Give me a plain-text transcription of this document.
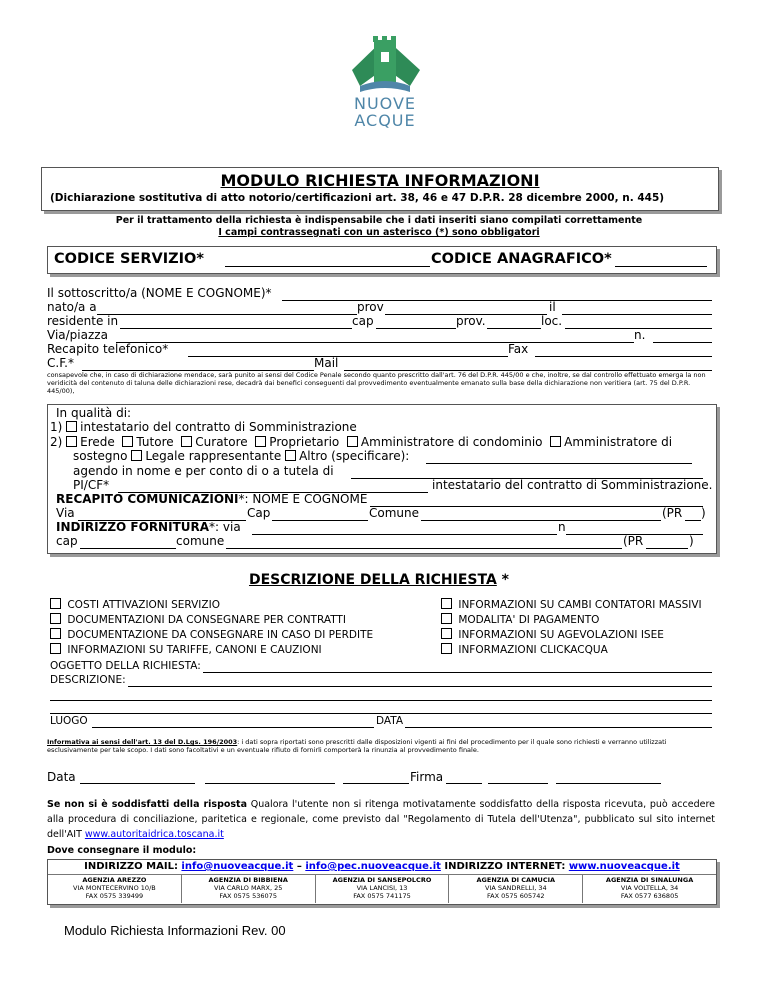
NUOVE
ACQUE
MODULO RICHIESTA INFORMAZIONI
(Dichiarazione sostitutiva di atto notorio/certificazioni art. 38, 46 e 47 D.P.R. 28 dicembre 2000, n. 445)
Per il trattamento della richiesta è indispensabile che i dati inseriti siano compilati correttamente
I campi contrassegnati con un asterisco (*) sono obbligatori
CODICE SERVIZIO*	CODICE ANAGRAFICO*
Il sottoscritto/a (NOME E COGNOME)*
nato/a a	prov	il
residente in	cap	prov.	loc.
Via/piazza	n.
Recapito telefonico*	Fax
C.F.*	Mail
consapevole che, in caso di dichiarazione mendace, sarà punito ai sensi del Codice Penale secondo quanto prescritto dall'art. 76 del D.P.R. 445/00 e che, inoltre, se dal controllo effettuato emerga la non veridicità del contenuto di taluna delle dichiarazioni rese, decadrà dai benefici conseguenti dal provvedimento eventualmente emanato sulla base della dichiarazione non veritiera (art. 75 del D.P.R. 445/00),
In qualità di:
1) intestatario del contratto di Somministrazione
2) Erede Tutore Curatore Proprietario Amministratore di condominio Amministratore di
sostegno Legale rappresentante Altro (specificare):
agendo in nome e per conto di o a tutela di
PI/CF*	intestatario del contratto di Somministrazione.
RECAPITO COMUNICAZIONI*: NOME E COGNOME
Via	Cap	Comune	(PR )
INDIRIZZO FORNITURA*: via	n
cap	comune	(PR	)
DESCRIZIONE DELLA RICHIESTA *
COSTI ATTIVAZIONI SERVIZIO
DOCUMENTAZIONI DA CONSEGNARE PER CONTRATTI
DOCUMENTAZIONE DA CONSEGNARE IN CASO DI PERDITE
INFORMAZIONI SU TARIFFE, CANONI E CAUZIONI
INFORMAZIONI SU CAMBI CONTATORI MASSIVI
MODALITA' DI PAGAMENTO
INFORMAZIONI SU AGEVOLAZIONI ISEE
INFORMAZIONI CLICKACQUA
OGGETTO DELLA RICHIESTA:
DESCRIZIONE:
LUOGO	DATA
Informativa ai sensi dell'art. 13 del D.Lgs. 196/2003: i dati sopra riportati sono prescritti dalle disposizioni vigenti ai fini del procedimento per il quale sono richiesti e verranno utilizzati esclusivamente per tale scopo. I dati sono facoltativi e un eventuale rifiuto di fornirli comporterà la rinunzia al provvedimento finale.
Data	Firma
Se non si è soddisfatti della risposta Qualora l'utente non si ritenga motivatamente soddisfatto della risposta ricevuta, può accedere alla procedura di conciliazione, paritetica e regionale, come previsto dal "Regolamento di Tutela dell'Utenza", pubblicato sul sito internet dell'AIT www.autoritaidrica.toscana.it
Dove consegnare il modulo:
INDIRIZZO MAIL: info@nuoveacque.it – info@pec.nuoveacque.it INDIRIZZO INTERNET: www.nuoveacque.it
AGENZIA AREZZO
VIA MONTECERVINO 10/B
FAX 0575 339499
AGENZIA DI BIBBIENA
VIA CARLO MARX, 25
FAX 0575 536075
AGENZIA DI SANSEPOLCRO
VIA LANCISI, 13
FAX 0575 741175
AGENZIA DI CAMUCIA
VIA SANDRELLI, 34
FAX 0575 605742
AGENZIA DI SINALUNGA
VIA VOLTELLA, 34
FAX 0577 636805
Modulo Richiesta Informazioni Rev. 00
